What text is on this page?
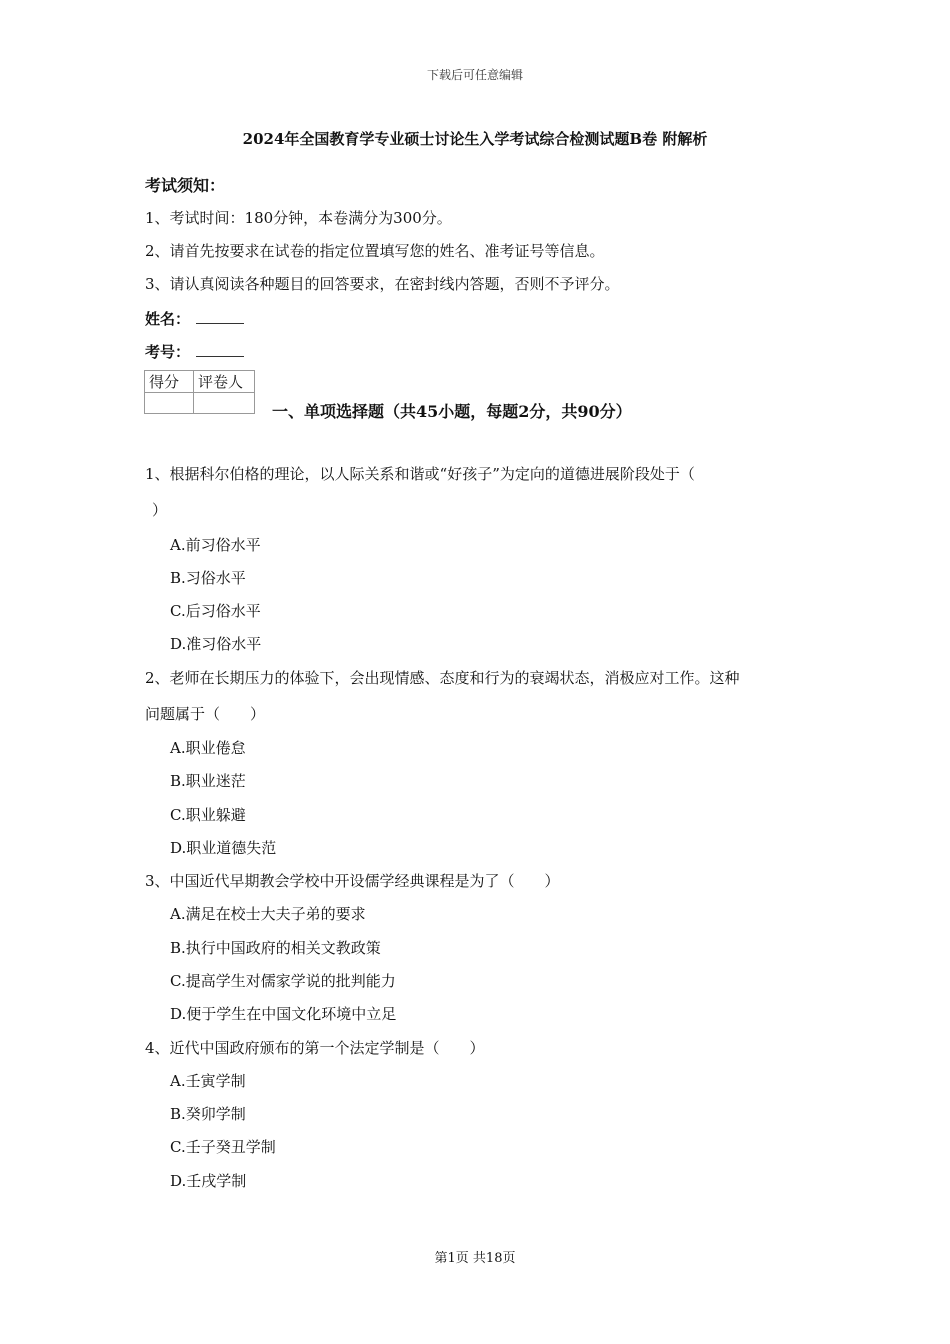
下载后可任意编辑
2024年全国教育学专业硕士讨论生入学考试综合检测试题B卷 附解析
考试须知：
1、考试时间：180分钟，本卷满分为300分。
2、请首先按要求在试卷的指定位置填写您的姓名、准考证号等信息。
3、请认真阅读各种题目的回答要求，在密封线内答题，否则不予评分。
姓名：
考号：
得分	评卷人

一、单项选择题（共45小题，每题2分，共90分）
1、根据科尔伯格的理论，以人际关系和谐或“好孩子”为定向的道德进展阶段处于（
）
A.前习俗水平
B.习俗水平
C.后习俗水平
D.准习俗水平
2、老师在长期压力的体验下，会出现情感、态度和行为的衰竭状态，消极应对工作。这种
问题属于（　　）
A.职业倦怠
B.职业迷茫
C.职业躲避
D.职业道德失范
3、中国近代早期教会学校中开设儒学经典课程是为了（　　）
A.满足在校士大夫子弟的要求
B.执行中国政府的相关文教政策
C.提高学生对儒家学说的批判能力
D.便于学生在中国文化环境中立足
4、近代中国政府颁布的第一个法定学制是（　　）
A.壬寅学制
B.癸卯学制
C.壬子癸丑学制
D.壬戌学制
第1页 共18页
